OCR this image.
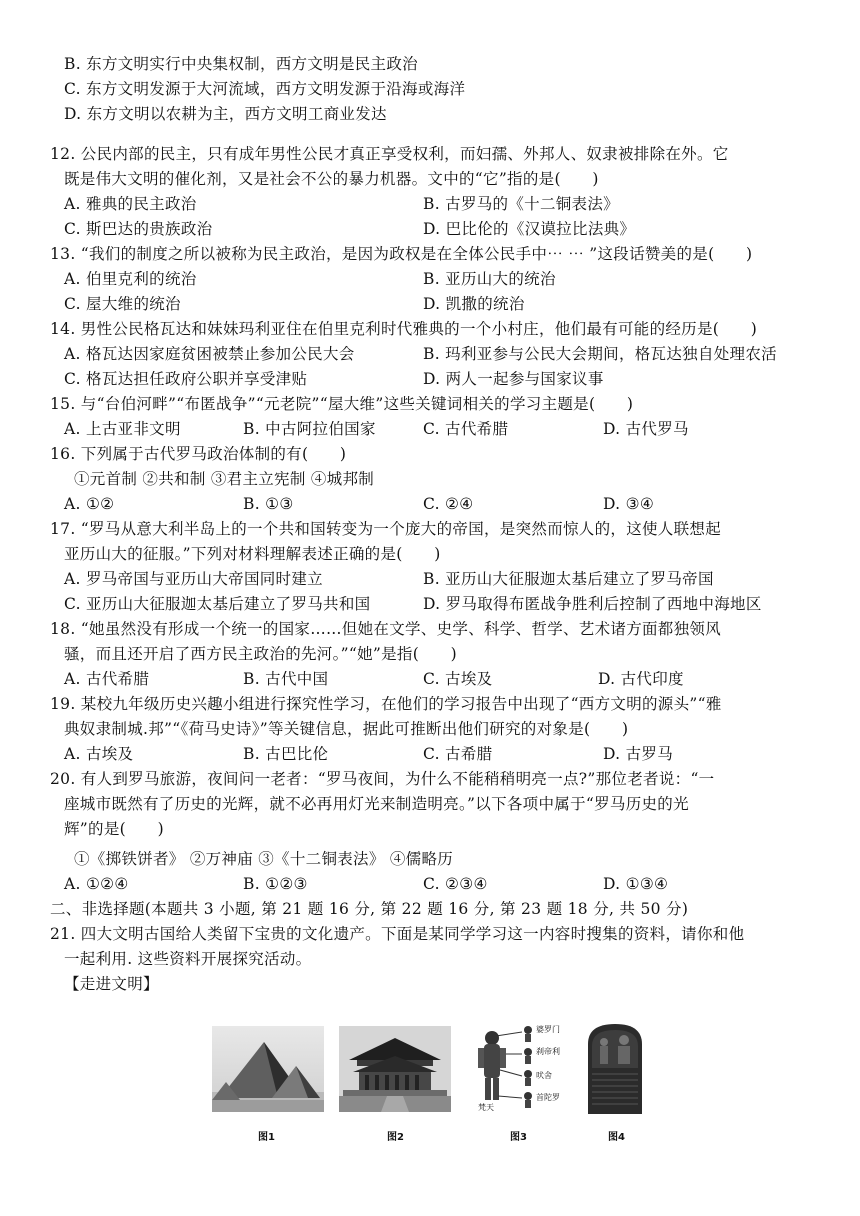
B. 东方文明实行中央集权制，西方文明是民主政治
C. 东方文明发源于大河流域，西方文明发源于沿海或海洋
D. 东方文明以农耕为主，西方文明工商业发达
12. 公民内部的民主，只有成年男性公民才真正享受权利，而妇孺、外邦人、奴隶被排除在外。它
既是伟大文明的催化剂，又是社会不公的暴力机器。文中的“它”指的是(　　)
A. 雅典的民主政治	B. 古罗马的《十二铜表法》
C. 斯巴达的贵族政治	D. 巴比伦的《汉谟拉比法典》
13. “我们的制度之所以被称为民主政治，是因为政权是在全体公民手中⋯ ⋯ ”这段话赞美的是(　　)
A. 伯里克利的统治	B. 亚历山大的统治
C. 屋大维的统治	D. 凯撒的统治
14. 男性公民格瓦达和妹妹玛利亚住在伯里克利时代雅典的一个小村庄，他们最有可能的经历是(　　)
A. 格瓦达因家庭贫困被禁止参加公民大会	B. 玛利亚参与公民大会期间，格瓦达独自处理农活
C. 格瓦达担任政府公职并享受津贴	D. 两人一起参与国家议事
15. 与“台伯河畔”“布匿战争”“元老院”“屋大维”这些关键词相关的学习主题是(　　)
A. 上古亚非文明	B. 中古阿拉伯国家	C. 古代希腊	D. 古代罗马
16. 下列属于古代罗马政治体制的有(　　)
①元首制 ②共和制 ③君主立宪制 ④城邦制
A. ①②	B. ①③	C. ②④	D. ③④
17. “罗马从意大利半岛上的一个共和国转变为一个庞大的帝国，是突然而惊人的，这使人联想起
亚历山大的征服。”下列对材料理解表述正确的是(　　)
A. 罗马帝国与亚历山大帝国同时建立	B. 亚历山大征服迦太基后建立了罗马帝国
C. 亚历山大征服迦太基后建立了罗马共和国	D. 罗马取得布匿战争胜利后控制了西地中海地区
18. “她虽然没有形成一个统一的国家……但她在文学、史学、科学、哲学、艺术诸方面都独领风
骚，而且还开启了西方民主政治的先河。”“她”是指(　　)
A. 古代希腊	B. 古代中国	C. 古埃及	D. 古代印度
19. 某校九年级历史兴趣小组进行探究性学习，在他们的学习报告中出现了“西方文明的源头”“雅
典奴隶制城.邦”“《荷马史诗》”等关键信息，据此可推断出他们研究的对象是(　　)
A. 古埃及	B. 古巴比伦	C. 古希腊	D. 古罗马
20. 有人到罗马旅游，夜间问一老者：“罗马夜间，为什么不能稍稍明亮一点?”那位老者说：“一
座城市既然有了历史的光辉，就不必再用灯光来制造明亮。”以下各项中属于“罗马历史的光
辉”的是(　　)
①《掷铁饼者》 ②万神庙 ③《十二铜表法》 ④儒略历
A. ①②④	B. ①②③	C. ②③④	D. ①③④
二、非选择题(本题共 3 小题, 第 21 题 16 分, 第 22 题 16 分, 第 23 题 18 分, 共 50 分)
21. 四大文明古国给人类留下宝贵的文化遗产。下面是某同学学习这一内容时搜集的资料，请你和他
一起利用. 这些资料开展探究活动。
【走进文明】
图1	图2
婆罗门
刹帝利
吠舍
首陀罗
梵天
图3	图4
